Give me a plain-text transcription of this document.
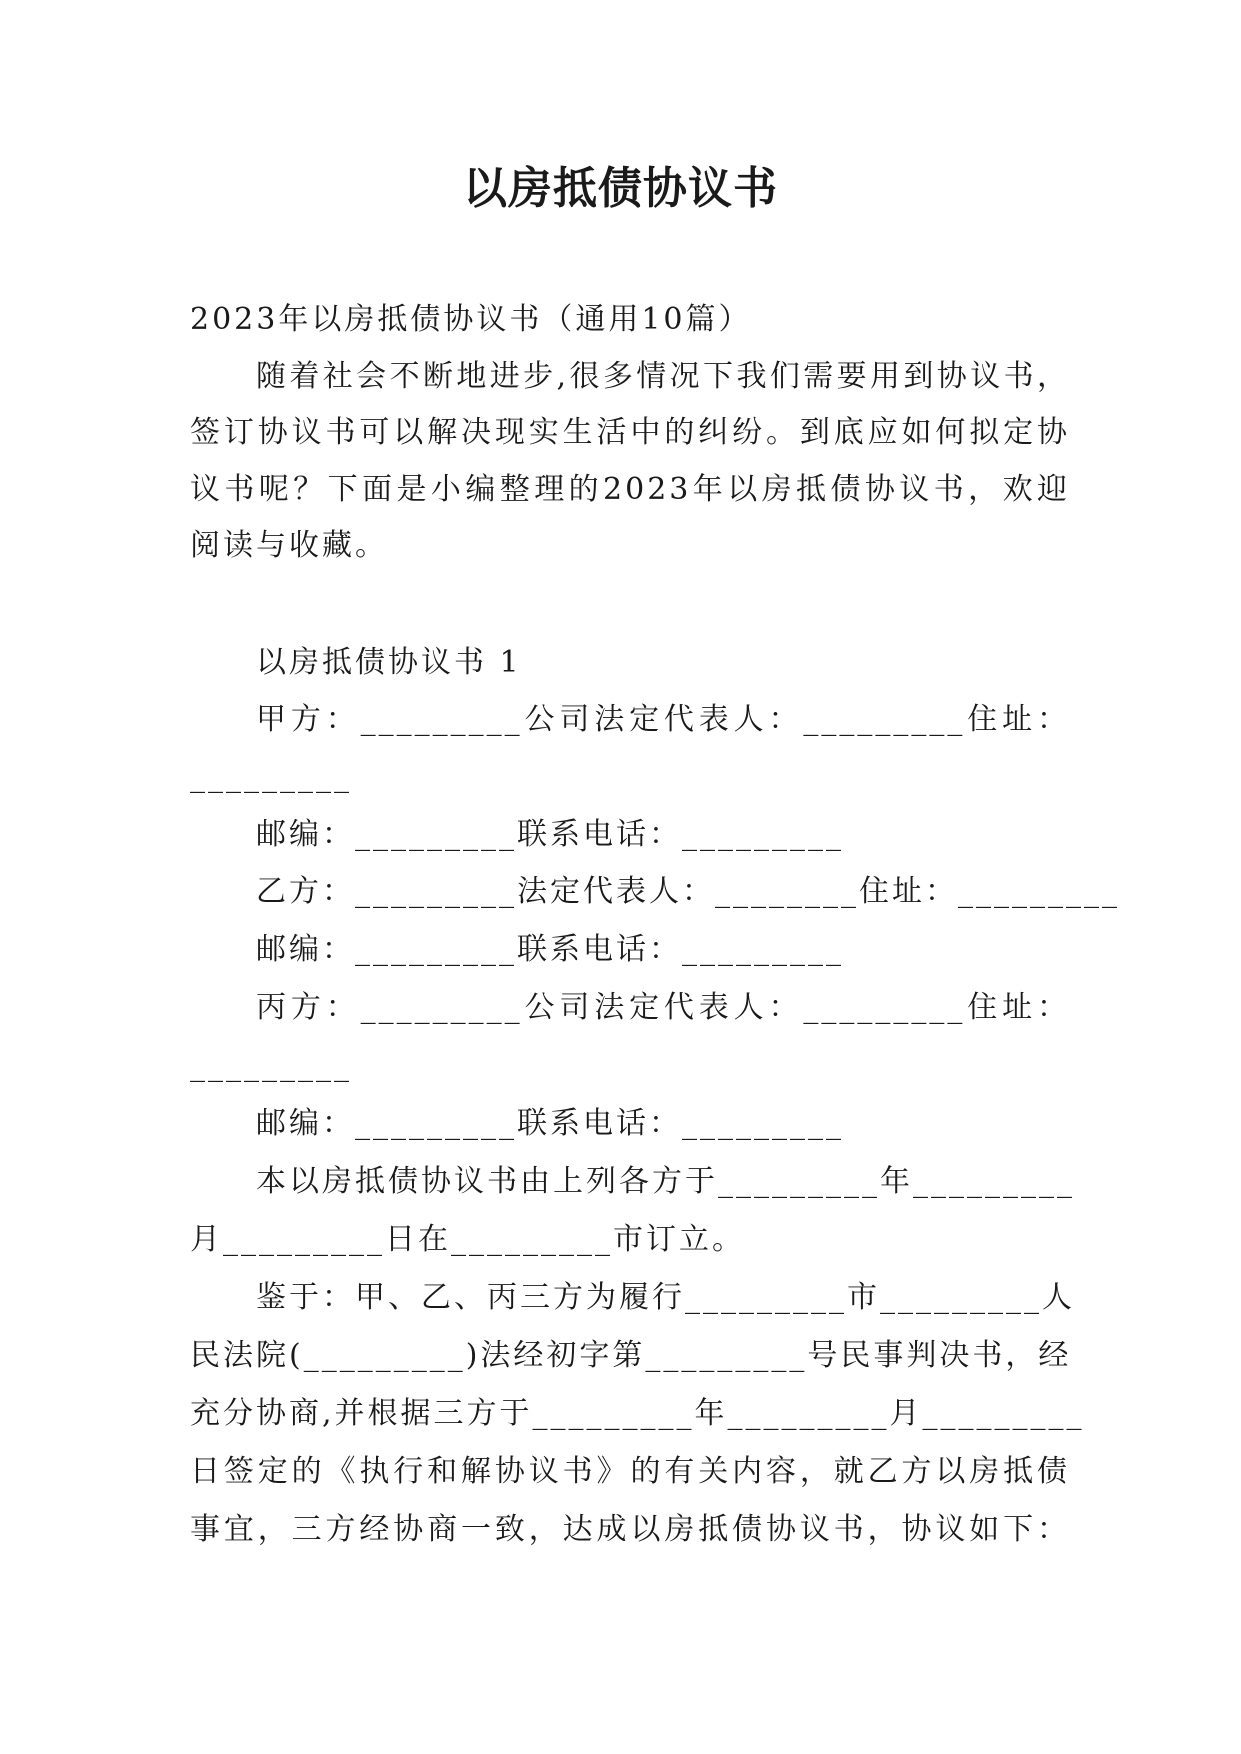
以房抵债协议书
2023年以房抵债协议书（通用10篇）
随着社会不断地进步,很多情况下我们需要用到协议书，
签订协议书可以解决现实生活中的纠纷。到底应如何拟定协
议书呢？下面是小编整理的2023年以房抵债协议书，欢迎
阅读与收藏。
以房抵债协议书 1
甲方：_________公司法定代表人：_________住址：
_________
邮编：_________联系电话：_________
乙方：_________法定代表人：________住址：_________
邮编：_________联系电话：_________
丙方：_________公司法定代表人：_________住址：
_________
邮编：_________联系电话：_________
本以房抵债协议书由上列各方于_________年_________
月_________日在_________市订立。
鉴于：甲、乙、丙三方为履行_________市_________人
民法院(_________)法经初字第_________号民事判决书，经
充分协商,并根据三方于_________年_________月_________
日签定的《执行和解协议书》的有关内容，就乙方以房抵债
事宜，三方经协商一致，达成以房抵债协议书，协议如下：
